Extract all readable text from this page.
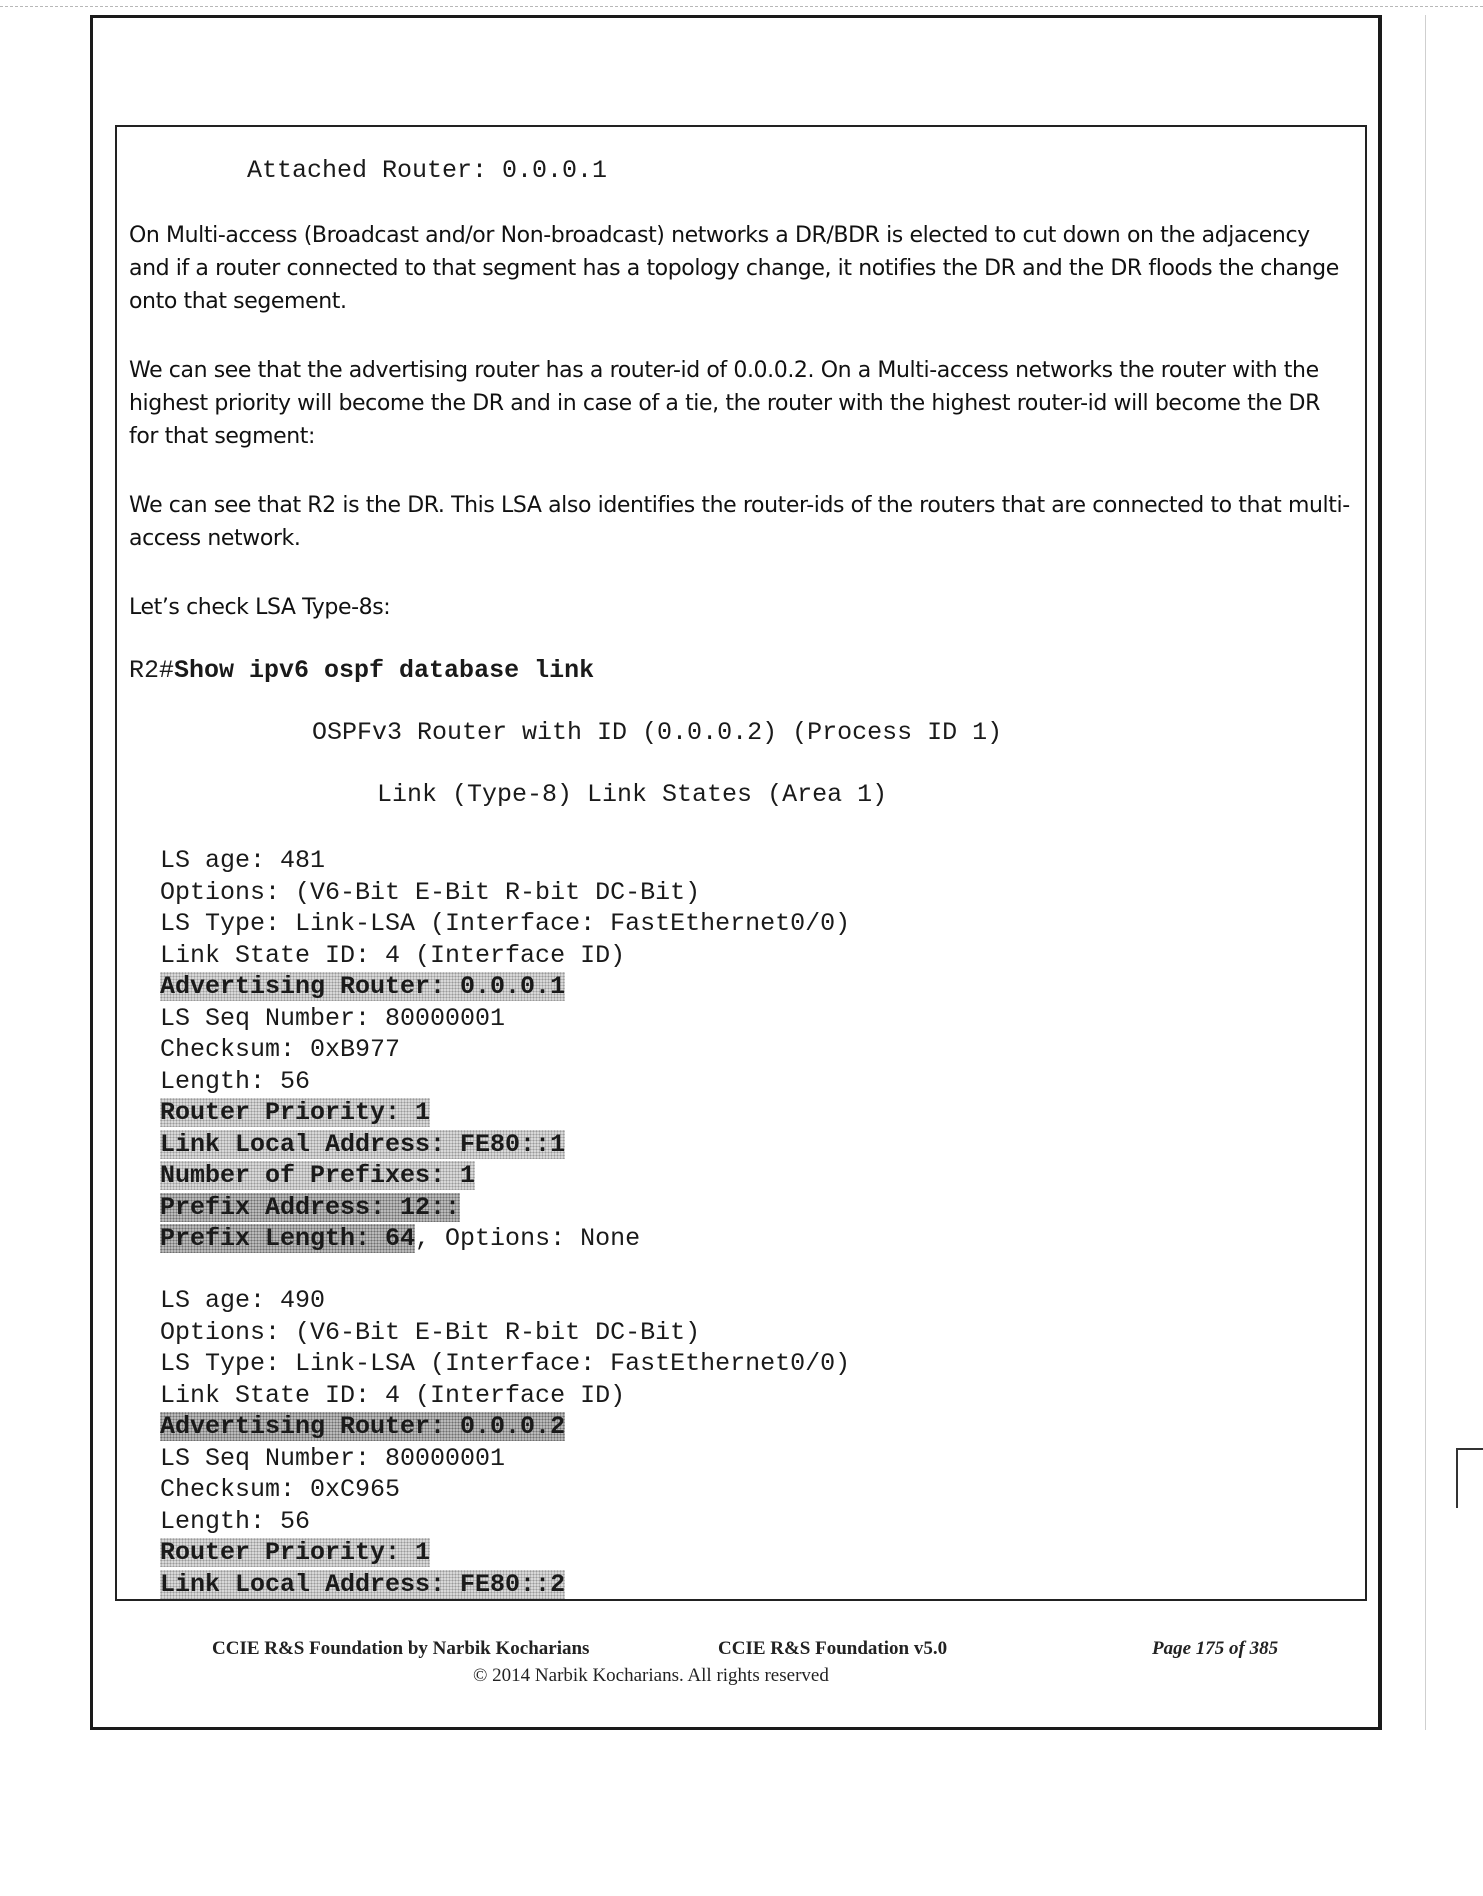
Attached Router: 0.0.0.1
On Multi-access (Broadcast and/or Non-broadcast) networks a DR/BDR is elected to cut down on the adjacency and if a router connected to that segment has a topology change, it notifies the DR and the DR floods the change onto that segement.
We can see that the advertising router has a router-id of 0.0.0.2. On a Multi-access networks the router with the highest priority will become the DR and in case of a tie, the router with the highest router-id will become the DR for that segment:
We can see that R2 is the DR. This LSA also identifies the router-ids of the routers that are connected to that multi-access network.
Let’s check LSA Type-8s:
R2#Show ipv6 ospf database link
OSPFv3 Router with ID (0.0.0.2) (Process ID 1)
Link (Type-8) Link States (Area 1)
LS age: 481
Options: (V6-Bit E-Bit R-bit DC-Bit)
LS Type: Link-LSA (Interface: FastEthernet0/0)
Link State ID: 4 (Interface ID)
Advertising Router: 0.0.0.1
LS Seq Number: 80000001
Checksum: 0xB977
Length: 56
Router Priority: 1
Link Local Address: FE80::1
Number of Prefixes: 1
Prefix Address: 12::
Prefix Length: 64, Options: None
LS age: 490
Options: (V6-Bit E-Bit R-bit DC-Bit)
LS Type: Link-LSA (Interface: FastEthernet0/0)
Link State ID: 4 (Interface ID)
Advertising Router: 0.0.0.2
LS Seq Number: 80000001
Checksum: 0xC965
Length: 56
Router Priority: 1
Link Local Address: FE80::2
CCIE R&S Foundation by Narbik Kocharians	CCIE R&S Foundation v5.0	Page 175 of 385
© 2014 Narbik Kocharians. All rights reserved
